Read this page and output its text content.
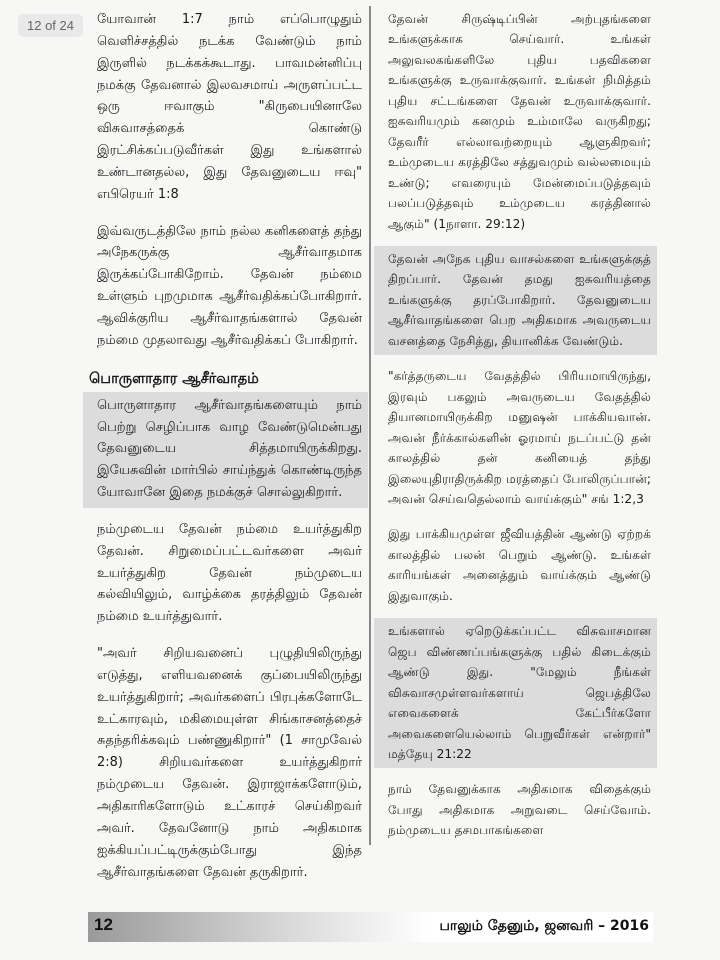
12 of 24	யோவான் 1:7 நாம் எப்பொழுதும் வெளிச்சத்தில் நடக்க வேண்டும் நாம் இருளில் நடக்கக்கூடாது. பாவமன்னிப்பு நமக்கு தேவனால் இலவசமாய் அருளப்பட்ட ஒரு ஈவாகும் "கிருபையினாலே விசுவாசத்தைக் கொண்டு இரட்சிக்கப்படுவீர்கள் இது உங்களால் உண்டானதல்ல, இது தேவனுடைய ஈவு" எபிரெயர் 1:8

இவ்வருடத்திலே நாம் நல்ல கனிகளைத் தந்து அநேகருக்கு ஆசீர்வாதமாக இருக்கப்போகிறோம். தேவன் நம்மை உள்ளும் புறமுமாக ஆசீர்வதிக்கப்போகிறார். ஆவிக்குரிய ஆசீர்வாதங்களால் தேவன் நம்மை முதலாவது ஆசீர்வதிக்கப் போகிறார்.

பொருளாதார ஆசீர்வாதம்

பொருளாதார ஆசீர்வாதங்களையும் நாம் பெற்று செழிப்பாக வாழ வேண்டுமென்பது தேவனுடைய சித்தமாயிருக்கிறது. இயேசுவின் மார்பில் சாய்ந்துக் கொண்டிருந்த யோவானே இதை நமக்குச் சொல்லுகிறார்.

நம்முடைய தேவன் நம்மை உயர்த்துகிற தேவன். சிறுமைப்பட்டவர்களை அவர் உயர்த்துகிற தேவன் நம்முடைய கல்வியிலும், வாழ்க்கை தரத்திலும் தேவன் நம்மை உயர்த்துவார்.

"அவர் சிறியவனைப் புழுதியிலிருந்து எடுத்து, எளியவனைக் குப்பையிலிருந்து உயர்த்துகிறார்; அவர்களைப் பிரபுக்களோடே உட்காரவும், மகிமையுள்ள சிங்காசனத்தைச் சுதந்தரிக்கவும் பண்ணுகிறார்" (1 சாமுவேல் 2:8) சிறியவர்களை உயர்த்துகிறார் நம்முடைய தேவன். இராஜாக்களோடும், அதிகாரிகளோடும் உட்காரச் செய்கிறவர் அவர். தேவனோடு நாம் அதிகமாக ஐக்கியப்பட்டிருக்கும்போது இந்த ஆசீர்வாதங்களை தேவன் தருகிறார்.

தேவன் சிருஷ்டிப்பின் அற்புதங்களை உங்களுக்காக செய்வார். உங்கள் அலுவலகங்களிலே புதிய பதவிகளை உங்களுக்கு உருவாக்குவார். உங்கள் நிமித்தம் புதிய சட்டங்களை தேவன் உருவாக்குவார். ஐசுவரியமும் கனமும் உம்மாலே வருகிறது; தேவரீர் எல்லாவற்றையும் ஆளுகிறவர்; உம்முடைய கரத்திலே சத்துவமும் வல்லமையும் உண்டு; எவரையும் மேன்மைப்படுத்தவும் பலப்படுத்தவும் உம்முடைய கரத்தினால் ஆகும்" (1நாளா. 29:12)

தேவன் அநேக புதிய வாசல்களை உங்களுக்குத் திறப்பார். தேவன் தமது ஐசுவரியத்தை உங்களுக்கு தரப்போகிறார். தேவனுடைய ஆசீர்வாதங்களை பெற அதிகமாக அவருடைய வசனத்தை நேசித்து, தியானிக்க வேண்டும்.

"கர்த்தருடைய வேதத்தில் பிரியமாயிருந்து, இரவும் பகலும் அவருடைய வேதத்தில் தியானமாயிருக்கிற மனுஷன் பாக்கியவான். அவன் நீர்க்கால்களின் ஓரமாய் நடப்பட்டு தன் காலத்தில் தன் கனியைத் தந்து இலையுதிராதிருக்கிற மரத்தைப் போலிருப்பான்; அவன் செய்வதெல்லாம் வாய்க்கும்" சங் 1:2,3

இது பாக்கியமுள்ள ஜீவியத்தின் ஆண்டு ஏற்றக் காலத்தில் பலன் பெறும் ஆண்டு. உங்கள் காரியங்கள் அனைத்தும் வாய்க்கும் ஆண்டு இதுவாகும்.

உங்களால் ஏறெடுக்கப்பட்ட விசுவாசமான ஜெப விண்ணப்பங்களுக்கு பதில் கிடைக்கும் ஆண்டு இது. "மேலும் நீங்கள் விசுவாசமுள்ளவர்களாய் ஜெபத்திலே எவைகளைக் கேட்பீர்களோ அவைகளையெல்லாம் பெறுவீர்கள் என்றார்" மத்தேயு 21:22

நாம் தேவனுக்காக அதிகமாக விதைக்கும் போது அதிகமாக அறுவடை செய்வோம். நம்முடைய தசமபாகங்களை

12	பாலும் தேனும், ஜனவரி – 2016
